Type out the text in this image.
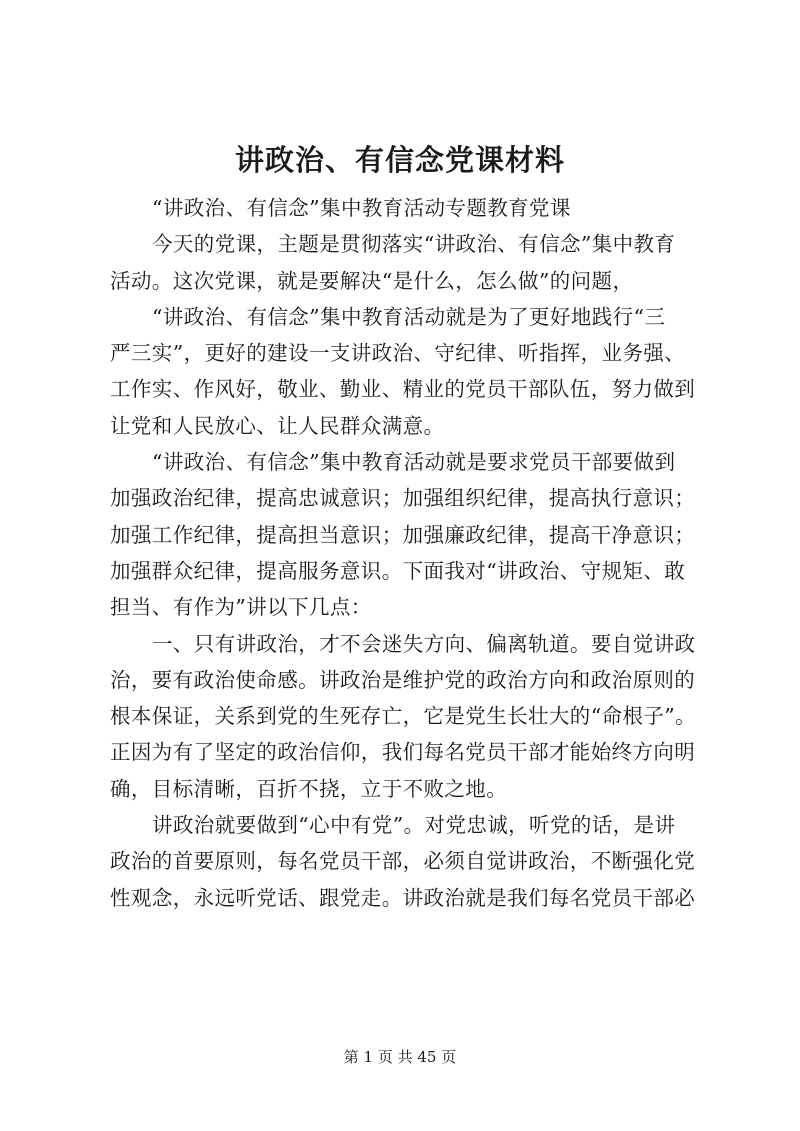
讲政治、有信念党课材料
“讲政治、有信念”集中教育活动专题教育党课
今天的党课，主题是贯彻落实“讲政治、有信念”集中教育
活动。这次党课，就是要解决“是什么，怎么做”的问题，
“讲政治、有信念”集中教育活动就是为了更好地践行“三
严三实”，更好的建设一支讲政治、守纪律、听指挥，业务强、
工作实、作风好，敬业、勤业、精业的党员干部队伍，努力做到
让党和人民放心、让人民群众满意。
“讲政治、有信念”集中教育活动就是要求党员干部要做到
加强政治纪律，提高忠诚意识；加强组织纪律，提高执行意识；
加强工作纪律，提高担当意识；加强廉政纪律，提高干净意识；
加强群众纪律，提高服务意识。下面我对“讲政治、守规矩、敢
担当、有作为”讲以下几点：
一、只有讲政治，才不会迷失方向、偏离轨道。要自觉讲政
治，要有政治使命感。讲政治是维护党的政治方向和政治原则的
根本保证，关系到党的生死存亡，它是党生长壮大的“命根子”。
正因为有了坚定的政治信仰，我们每名党员干部才能始终方向明
确，目标清晰，百折不挠，立于不败之地。
讲政治就要做到“心中有党”。对党忠诚，听党的话，是讲
政治的首要原则，每名党员干部，必须自觉讲政治，不断强化党
性观念，永远听党话、跟党走。讲政治就是我们每名党员干部必
第 1 页 共 45 页
